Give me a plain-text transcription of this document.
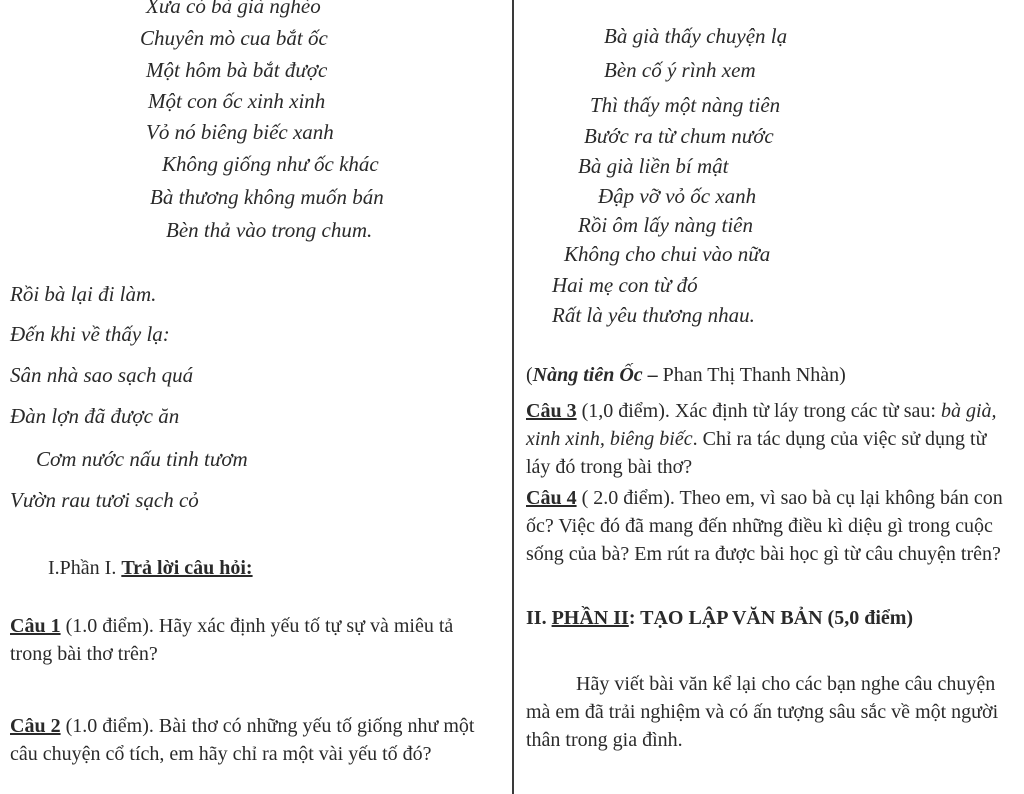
Xưa có bà già nghèo
Chuyên mò cua bắt ốc
Một hôm bà bắt được
Một con ốc xinh xinh
Vỏ nó biêng biếc xanh
Không giống như ốc khác
Bà thương không muốn bán
Bèn thả vào trong chum.
Rồi bà lại đi làm.
Đến khi về thấy lạ:
Sân nhà sao sạch quá
Đàn lợn đã được ăn
Cơm nước nấu tinh tươm
Vườn rau tươi sạch cỏ
I.Phần I. Trả lời câu hỏi:
Câu 1 (1.0 điểm). Hãy xác định yếu tố tự sự và miêu tả trong bài thơ trên?
Câu 2 (1.0 điểm). Bài thơ có những yếu tố giống như một câu chuyện cổ tích, em hãy chỉ ra một vài yếu tố đó?
Bà già thấy chuyện lạ
Bèn cố ý rình xem
Thì thấy một nàng tiên
Bước ra từ chum nước
Bà già liền bí mật
Đập vỡ vỏ ốc xanh
Rồi ôm lấy nàng tiên
Không cho chui vào nữa
Hai mẹ con từ đó
Rất là yêu thương nhau.
(Nàng tiên Ốc – Phan Thị Thanh Nhàn)
Câu 3 (1,0 điểm). Xác định từ láy trong các từ sau: bà già, xinh xinh, biêng biếc. Chỉ ra tác dụng của việc sử dụng từ láy đó trong bài thơ?
Câu 4 ( 2.0 điểm). Theo em, vì sao bà cụ lại không bán con ốc? Việc đó đã mang đến những điều kì diệu gì trong cuộc sống của bà? Em rút ra được bài học gì từ câu chuyện trên?
II. PHẦN II: TẠO LẬP VĂN BẢN (5,0 điểm)
Hãy viết bài văn kể lại cho các bạn nghe câu chuyện mà em đã trải nghiệm và có ấn tượng sâu sắc về một người thân trong gia đình.
